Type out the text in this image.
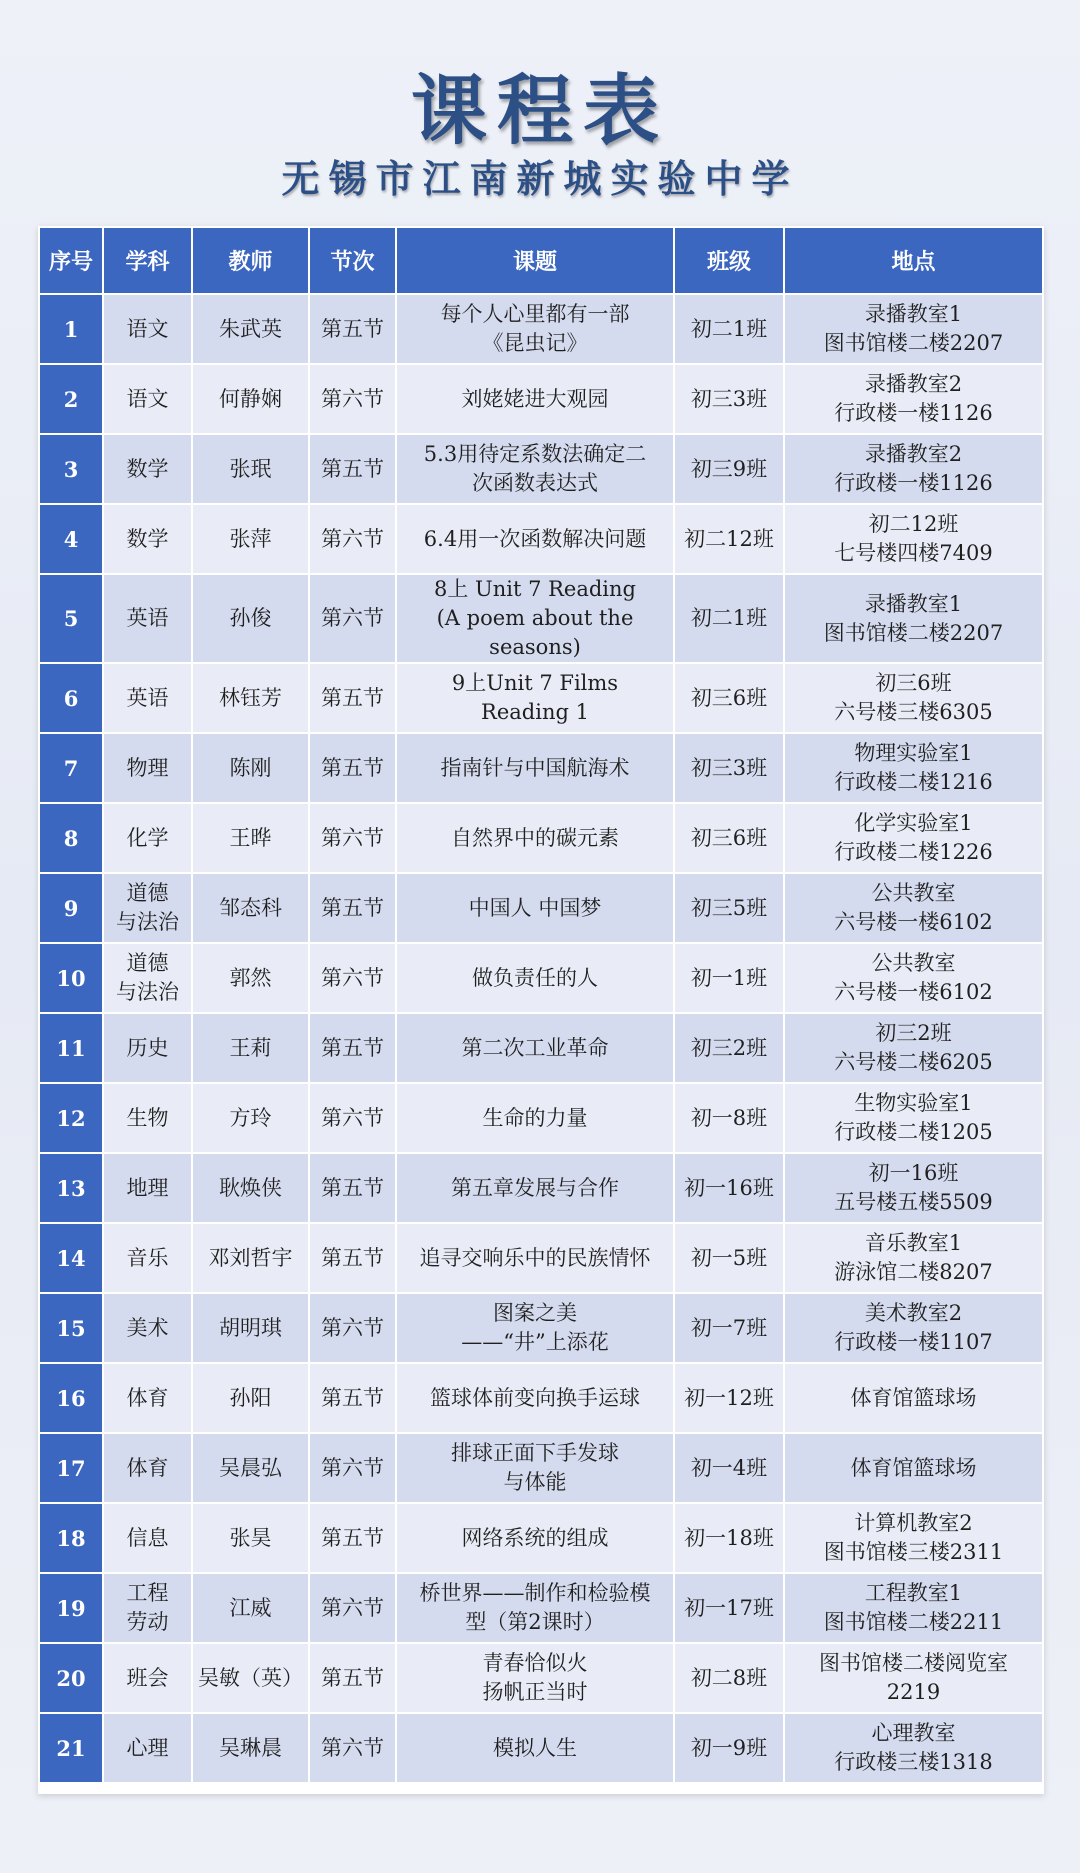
课程表
无锡市江南新城实验中学
序号	学科	教师	节次	课题	班级	地点
1	语文	朱武英	第五节	每个人心里都有一部
《昆虫记》	初二1班	录播教室1
图书馆楼二楼2207
2	语文	何静娴	第六节	刘姥姥进大观园	初三3班	录播教室2
行政楼一楼1126
3	数学	张珉	第五节	5.3用待定系数法确定二
次函数表达式	初三9班	录播教室2
行政楼一楼1126
4	数学	张萍	第六节	6.4用一次函数解决问题	初二12班	初二12班
七号楼四楼7409
5	英语	孙俊	第六节	8上 Unit 7 Reading
(A poem about the
seasons)	初二1班	录播教室1
图书馆楼二楼2207
6	英语	林钰芳	第五节	9上Unit 7 Films
Reading 1	初三6班	初三6班
六号楼三楼6305
7	物理	陈刚	第五节	指南针与中国航海术	初三3班	物理实验室1
行政楼二楼1216
8	化学	王晔	第六节	自然界中的碳元素	初三6班	化学实验室1
行政楼二楼1226
9	道德
与法治	邹态科	第五节	中国人 中国梦	初三5班	公共教室
六号楼一楼6102
10	道德
与法治	郭然	第六节	做负责任的人	初一1班	公共教室
六号楼一楼6102
11	历史	王莉	第五节	第二次工业革命	初三2班	初三2班
六号楼二楼6205
12	生物	方玲	第六节	生命的力量	初一8班	生物实验室1
行政楼二楼1205
13	地理	耿焕侠	第五节	第五章发展与合作	初一16班	初一16班
五号楼五楼5509
14	音乐	邓刘哲宇	第五节	追寻交响乐中的民族情怀	初一5班	音乐教室1
游泳馆二楼8207
15	美术	胡明琪	第六节	图案之美
——“井”上添花	初一7班	美术教室2
行政楼一楼1107
16	体育	孙阳	第五节	篮球体前变向换手运球	初一12班	体育馆篮球场
17	体育	吴晨弘	第六节	排球正面下手发球
与体能	初一4班	体育馆篮球场
18	信息	张昊	第五节	网络系统的组成	初一18班	计算机教室2
图书馆楼三楼2311
19	工程
劳动	江威	第六节	桥世界——制作和检验模
型（第2课时）	初一17班	工程教室1
图书馆楼二楼2211
20	班会	吴敏（英）	第五节	青春恰似火
扬帆正当时	初二8班	图书馆楼二楼阅览室
2219
21	心理	吴琳晨	第六节	模拟人生	初一9班	心理教室
行政楼三楼1318
